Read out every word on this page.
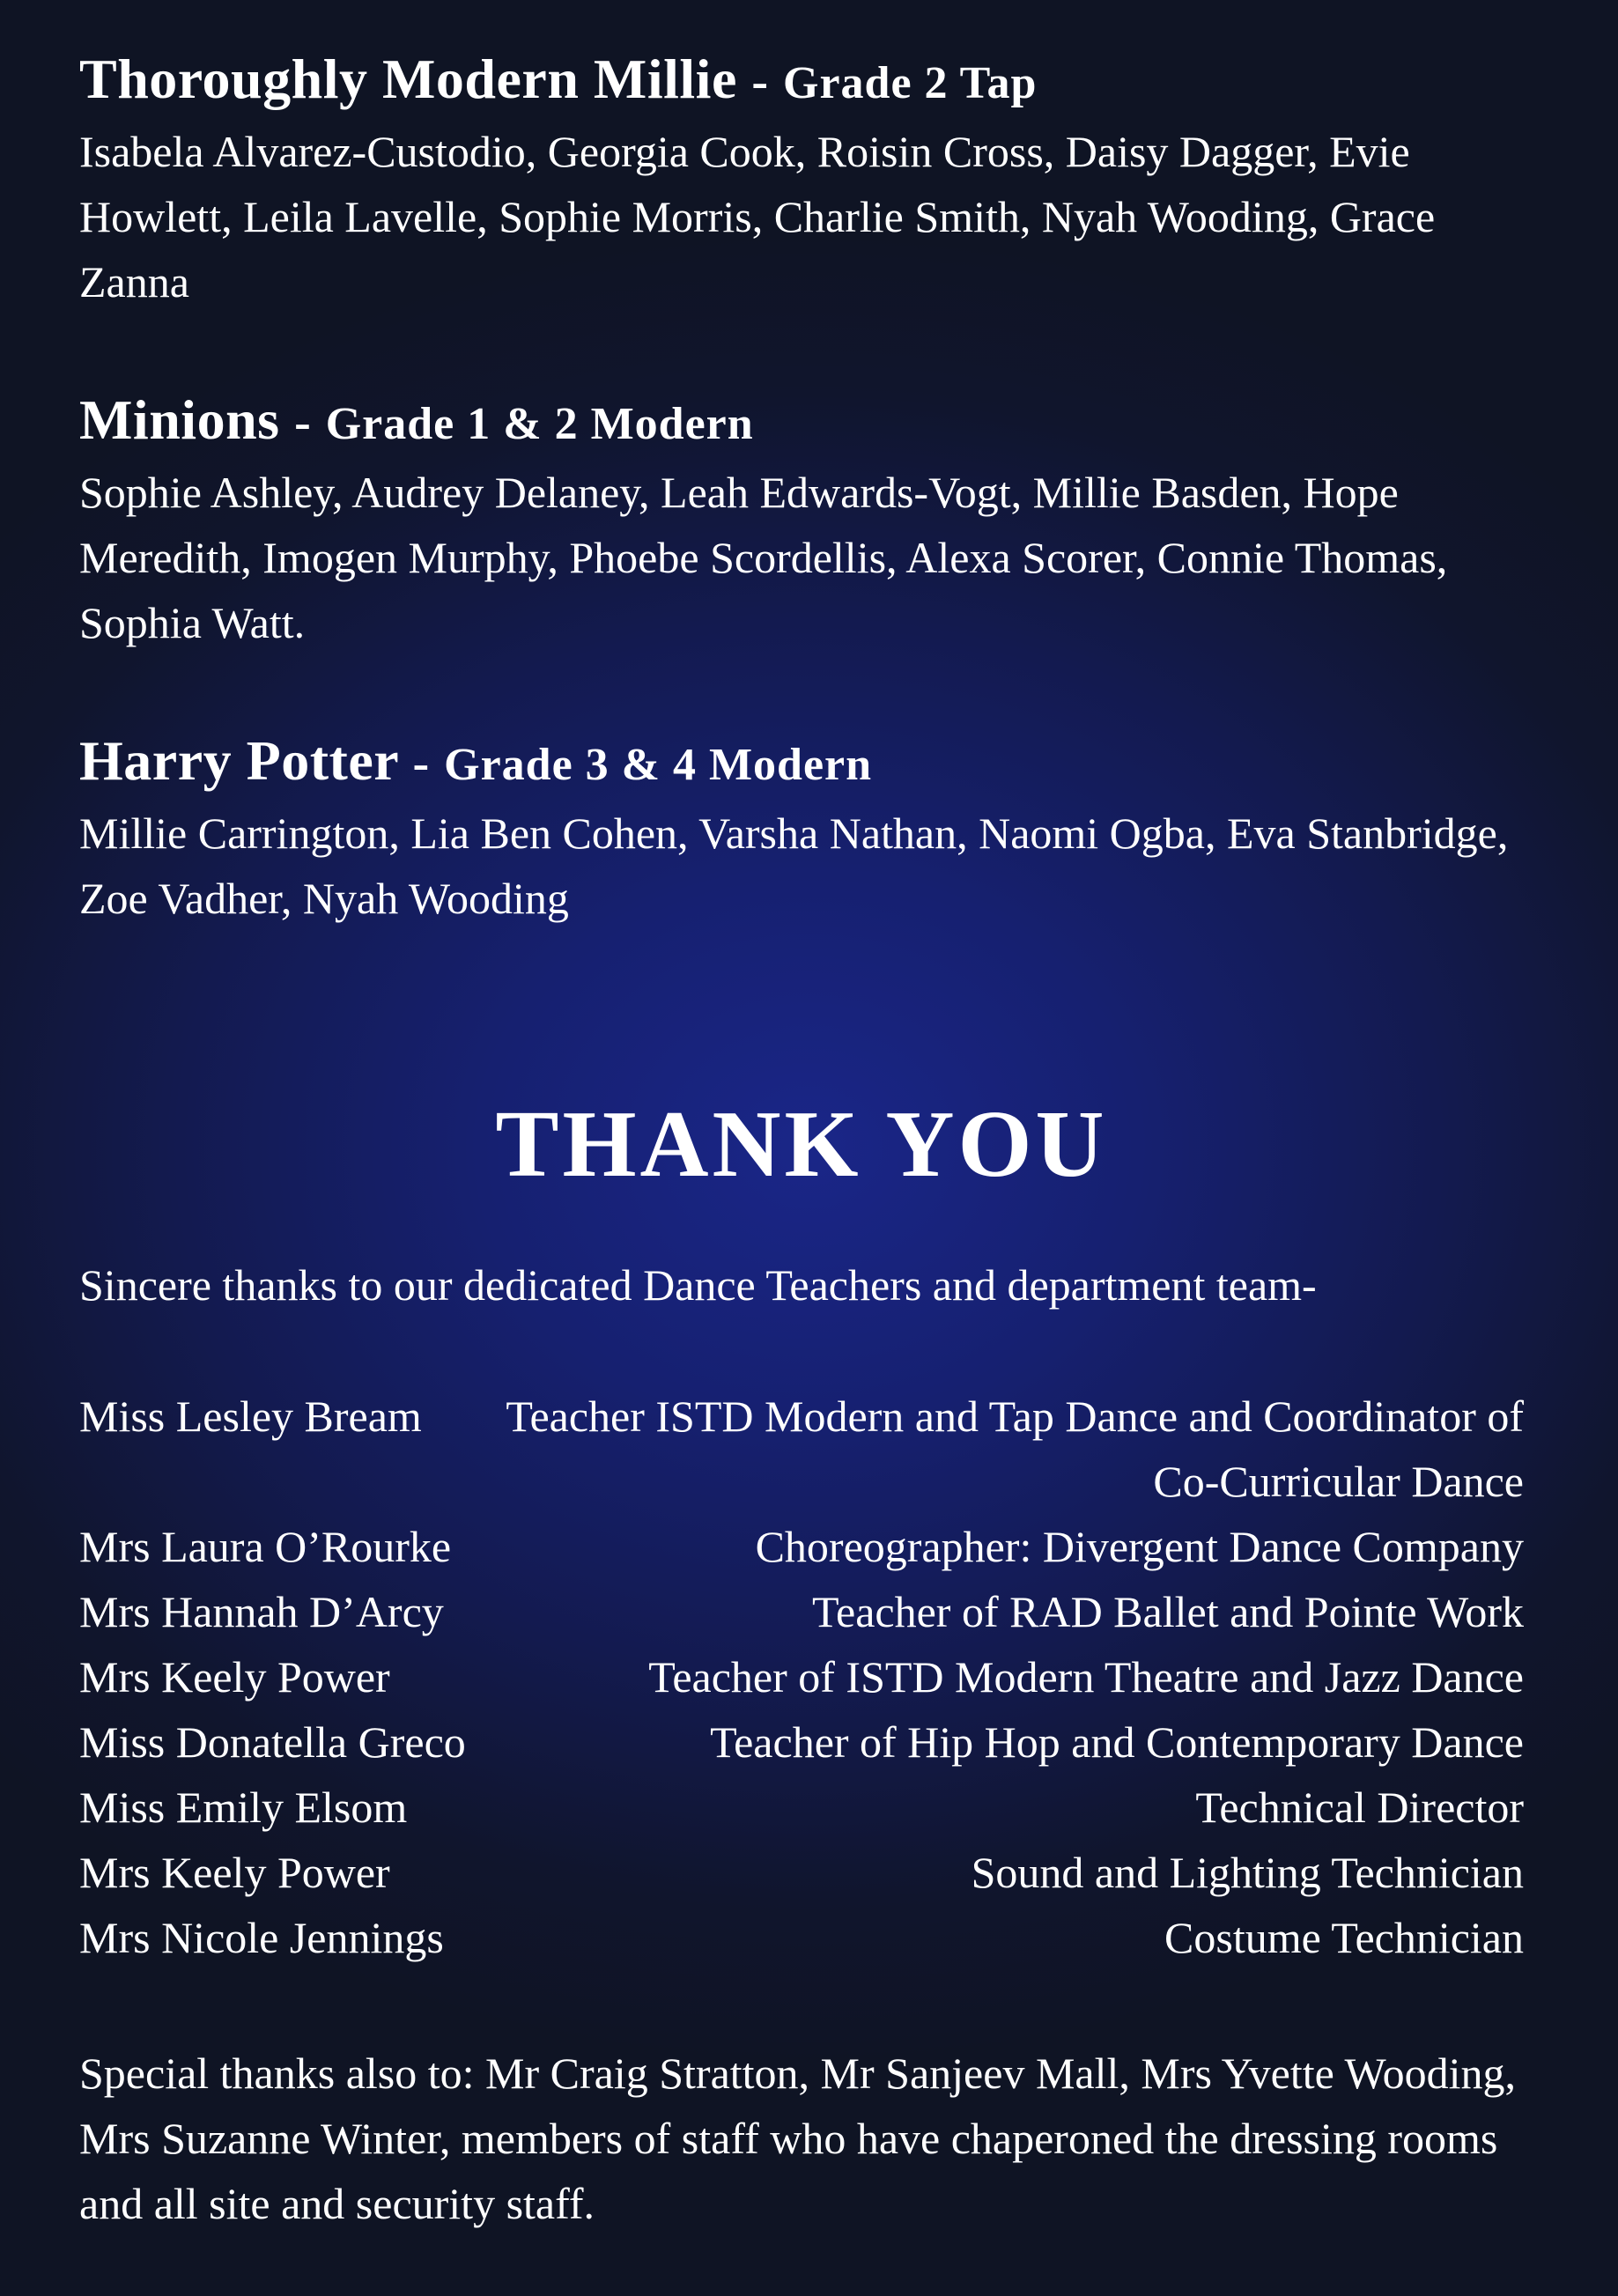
Thoroughly Modern Millie - Grade 2 Tap

Isabela Alvarez-Custodio, Georgia Cook, Roisin Cross, Daisy Dagger, Evie Howlett, Leila Lavelle, Sophie Morris, Charlie Smith, Nyah Wooding, Grace Zanna

Minions - Grade 1 & 2 Modern

Sophie Ashley, Audrey Delaney, Leah Edwards-Vogt, Millie Basden, Hope Meredith, Imogen Murphy, Phoebe Scordellis, Alexa Scorer, Connie Thomas, Sophia Watt.

Harry Potter - Grade 3 & 4 Modern

Millie Carrington, Lia Ben Cohen, Varsha Nathan, Naomi Ogba, Eva Stanbridge, Zoe Vadher, Nyah Wooding

THANK YOU

Sincere thanks to our dedicated Dance Teachers and department team-

Miss Lesley Bream	Teacher ISTD Modern and Tap Dance and Coordinator of Co-Curricular Dance
Mrs Laura O’Rourke	Choreographer: Divergent Dance Company
Mrs Hannah D’Arcy	Teacher of RAD Ballet and Pointe Work
Mrs Keely Power	Teacher of ISTD Modern Theatre and Jazz Dance
Miss Donatella Greco	Teacher of Hip Hop and Contemporary Dance
Miss Emily Elsom	Technical Director
Mrs Keely Power	Sound and Lighting Technician
Mrs Nicole Jennings	Costume Technician

Special thanks also to: Mr Craig Stratton, Mr Sanjeev Mall, Mrs Yvette Wooding, Mrs Suzanne Winter, members of staff who have chaperoned the dressing rooms and all site and security staff.
